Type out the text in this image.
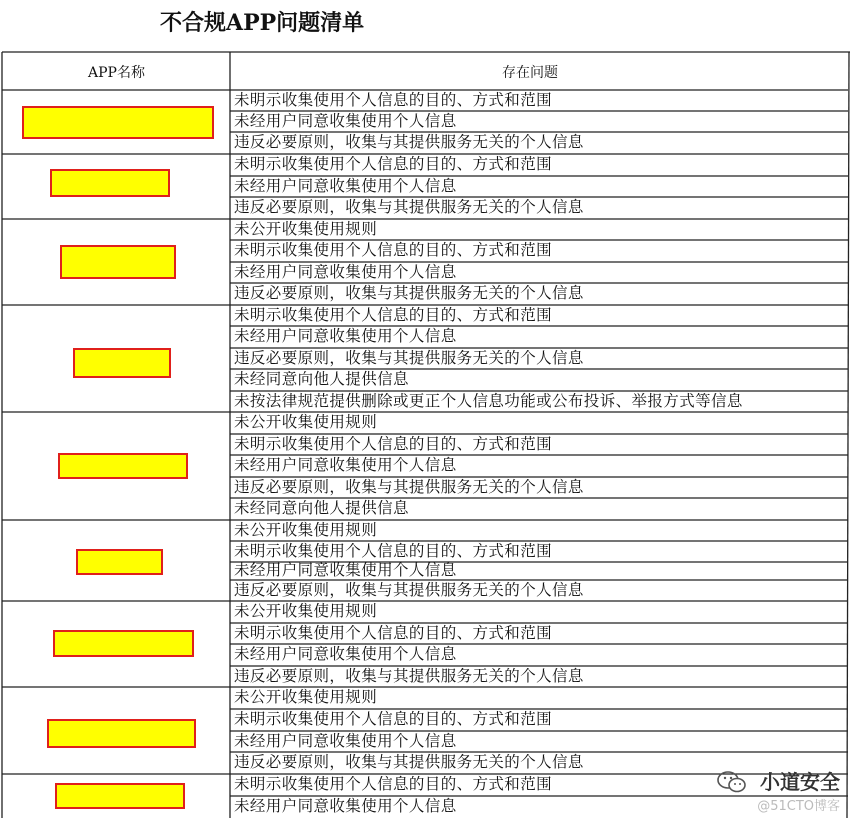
不合规APP问题清单
APP名称	存在问题
未明示收集使用个人信息的目的、方式和范围
未经用户同意收集使用个人信息
违反必要原则，收集与其提供服务无关的个人信息
未明示收集使用个人信息的目的、方式和范围
未经用户同意收集使用个人信息
违反必要原则，收集与其提供服务无关的个人信息
未公开收集使用规则
未明示收集使用个人信息的目的、方式和范围
未经用户同意收集使用个人信息
违反必要原则，收集与其提供服务无关的个人信息
未明示收集使用个人信息的目的、方式和范围
未经用户同意收集使用个人信息
违反必要原则，收集与其提供服务无关的个人信息
未经同意向他人提供信息
未按法律规范提供删除或更正个人信息功能或公布投诉、举报方式等信息
未公开收集使用规则
未明示收集使用个人信息的目的、方式和范围
未经用户同意收集使用个人信息
违反必要原则，收集与其提供服务无关的个人信息
未经同意向他人提供信息
未公开收集使用规则
未明示收集使用个人信息的目的、方式和范围
未经用户同意收集使用个人信息
违反必要原则，收集与其提供服务无关的个人信息
未公开收集使用规则
未明示收集使用个人信息的目的、方式和范围
未经用户同意收集使用个人信息
违反必要原则，收集与其提供服务无关的个人信息
未公开收集使用规则
未明示收集使用个人信息的目的、方式和范围
未经用户同意收集使用个人信息
违反必要原则，收集与其提供服务无关的个人信息
未明示收集使用个人信息的目的、方式和范围
未经用户同意收集使用个人信息
小道安全
@51CTO博客
